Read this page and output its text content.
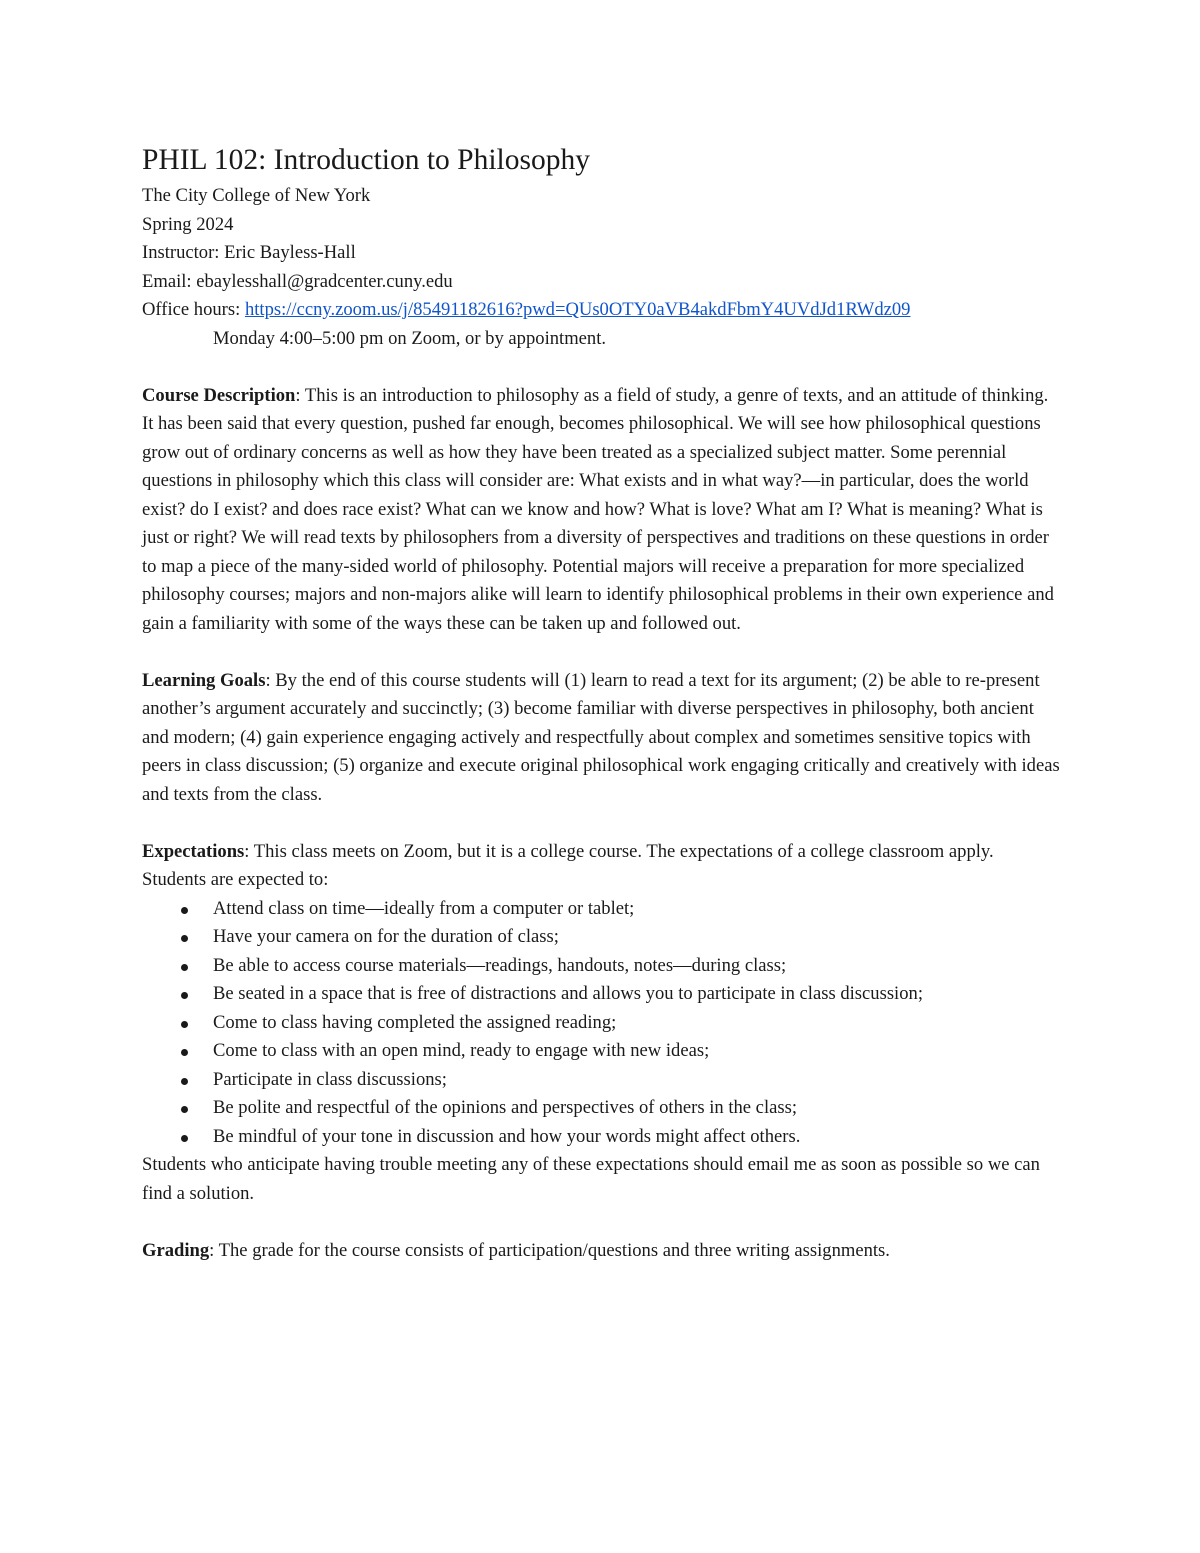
PHIL 102: Introduction to Philosophy

The City College of New York

Spring 2024

Instructor: Eric Bayless-Hall

Email: ebaylesshall@gradcenter.cuny.edu

Office hours: https://ccny.zoom.us/j/85491182616?pwd=QUs0OTY0aVB4akdFbmY4UVdJd1RWdz09

Monday 4:00–5:00 pm on Zoom, or by appointment.

Course Description: This is an introduction to philosophy as a field of study, a genre of texts, and an attitude of thinking. It has been said that every question, pushed far enough, becomes philosophical. We will see how philosophical questions grow out of ordinary concerns as well as how they have been treated as a specialized subject matter. Some perennial questions in philosophy which this class will consider are: What exists and in what way?—in particular, does the world exist? do I exist? and does race exist? What can we know and how? What is love? What am I? What is meaning? What is just or right? We will read texts by philosophers from a diversity of perspectives and traditions on these questions in order to map a piece of the many-sided world of philosophy. Potential majors will receive a preparation for more specialized philosophy courses; majors and non-majors alike will learn to identify philosophical problems in their own experience and gain a familiarity with some of the ways these can be taken up and followed out.

Learning Goals: By the end of this course students will (1) learn to read a text for its argument; (2) be able to re-present another’s argument accurately and succinctly; (3) become familiar with diverse perspectives in philosophy, both ancient and modern; (4) gain experience engaging actively and respectfully about complex and sometimes sensitive topics with peers in class discussion; (5) organize and execute original philosophical work engaging critically and creatively with ideas and texts from the class.

Expectations: This class meets on Zoom, but it is a college course. The expectations of a college classroom apply. Students are expected to:

Attend class on time—ideally from a computer or tablet;
Have your camera on for the duration of class;
Be able to access course materials—readings, handouts, notes—during class;
Be seated in a space that is free of distractions and allows you to participate in class discussion;
Come to class having completed the assigned reading;
Come to class with an open mind, ready to engage with new ideas;
Participate in class discussions;
Be polite and respectful of the opinions and perspectives of others in the class;
Be mindful of your tone in discussion and how your words might affect others.

Students who anticipate having trouble meeting any of these expectations should email me as soon as possible so we can find a solution.

Grading: The grade for the course consists of participation/questions and three writing assignments.
